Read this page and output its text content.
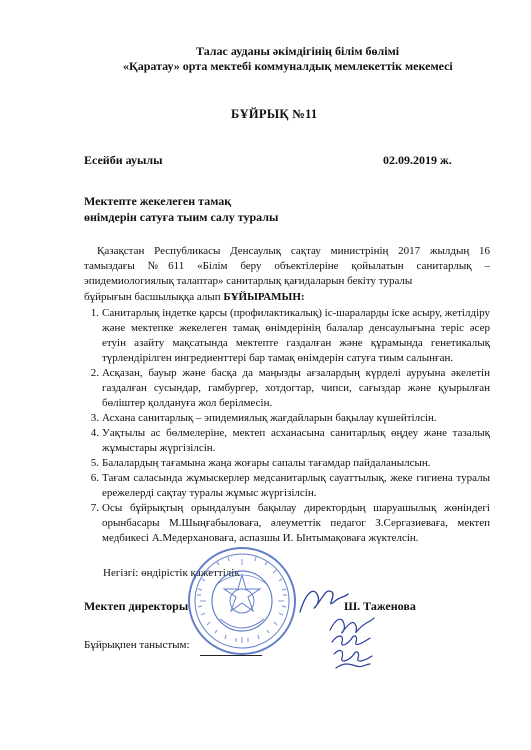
Талас ауданы әкімдігінің білім бөлімі
«Қаратау» орта мектебі коммуналдық мемлекеттік мекемесі
БҰЙРЫҚ №11
Есейби ауылы	02.09.2019 ж.
Мектепте жекелеген тамақ
өнімдерін сатуға тыим салу туралы
Қазақстан Республикасы Денсаулық сақтау министрінің 2017 жылдың 16 тамыздағы №611 «Білім беру объектілеріне қойылатын санитарлық – эпидемиологиялық талаптар» санитарлық қағидаларын бекіту туралы
бұйрығын басшылыққа алып БҰЙЫРАМЫН:
1. Санитарлық індетке қарсы (профилактикалық) іс-шараларды іске асыру, жетілдіру және мектепке жекелеген тамақ өнімдерінің балалар денсаулығына теріс әсер етуін азайту мақсатында мектепте газдалған және құрамында генетикалық түрлендірілген ингредиенттері бар тамақ өнімдерін сатуға тиым салынған.
2. Асқазан, бауыр және басқа да маңызды ағзалардың күрделі ауруына әкелетін газдалған сусындар, гамбургер, хотдогтар, чипси, сағыздар және қуырылған бөліштер қолдануға жол берілмесін.
3. Асхана санитарлық – эпидемиялық жағдайларын бақылау күшейтілсін.
4. Уақтылы ас бөлмелеріне, мектеп асханасына санитарлық өңдеу және тазалық жұмыстары жүргізілсін.
5. Балалардың тағамына жаңа жоғары сапалы тағамдар пайдаланылсын.
6. Тағам саласында жұмыскерлер медсанитарлық сауаттылық, жеке гигиена туралы ережелерді сақтау туралы жұмыс жүргізілсін.
7. Осы бұйрықтың орындалуын бақылау директордың шаруашылық жөніндегі орынбасары М.Шыңғабыловаға, әлеуметтік педагог З.Сергазиеваға, мектеп медбикесі А.Медерхановаға, аспазшы И. Ынтымақоваға жүктелсін.
Негізгі: өндірістік қажеттілік
Мектеп директоры	Ш. Таженова
Бұйрықпен таныстым:
